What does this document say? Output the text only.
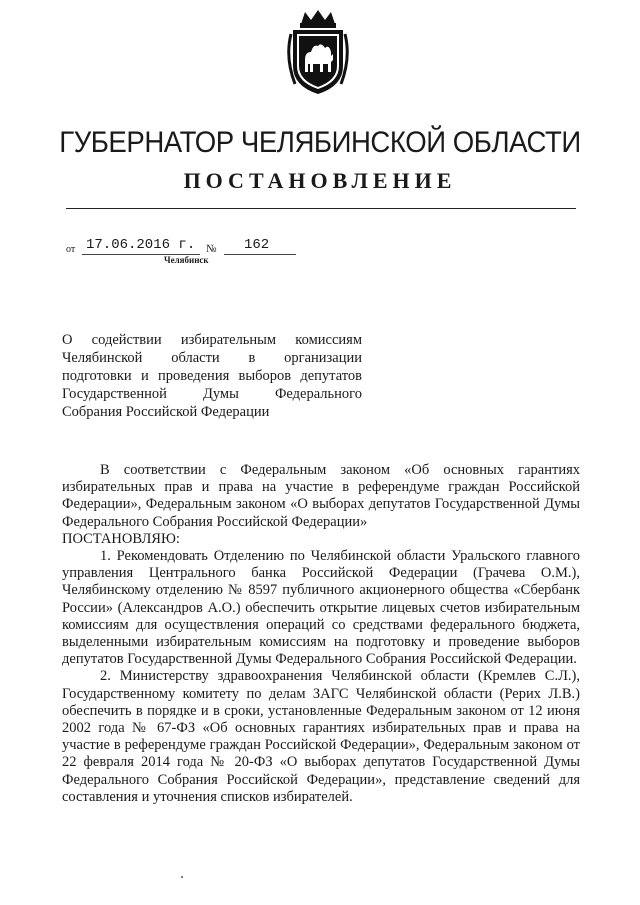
ГУБЕРНАТОР ЧЕЛЯБИНСКОЙ ОБЛАСТИ
ПОСТАНОВЛЕНИЕ
от 17.06.2016 г. № 162
Челябинск
О содействии избирательным комиссиям
Челябинской области в организации
подготовки и проведения выборов депутатов
Государственной Думы Федерального
Собрания Российской Федерации

В соответствии с Федеральным законом «Об основных гарантиях избирательных прав и права на участие в референдуме граждан Российской Федерации», Федеральным законом «О выборах депутатов Государственной Думы Федерального Собрания Российской Федерации»

ПОСТАНОВЛЯЮ:

1. Рекомендовать Отделению по Челябинской области Уральского главного управления Центрального банка Российской Федерации (Грачева О.М.), Челябинскому отделению № 8597 публичного акционерного общества «Сбербанк России» (Александров А.О.) обеспечить открытие лицевых счетов избирательным комиссиям для осуществления операций со средствами федерального бюджета, выделенными избирательным комиссиям на подготовку и проведение выборов депутатов Государственной Думы Федерального Собрания Российской Федерации.

2. Министерству здравоохранения Челябинской области (Кремлев С.Л.), Государственному комитету по делам ЗАГС Челябинской области (Рерих Л.В.) обеспечить в порядке и в сроки, установленные Федеральным законом от 12 июня 2002 года № 67-ФЗ «Об основных гарантиях избирательных прав и права на участие в референдуме граждан Российской Федерации», Федеральным законом от 22 февраля 2014 года № 20-ФЗ «О выборах депутатов Государственной Думы Федерального Собрания Российской Федерации», представление сведений для составления и уточнения списков избирателей.
